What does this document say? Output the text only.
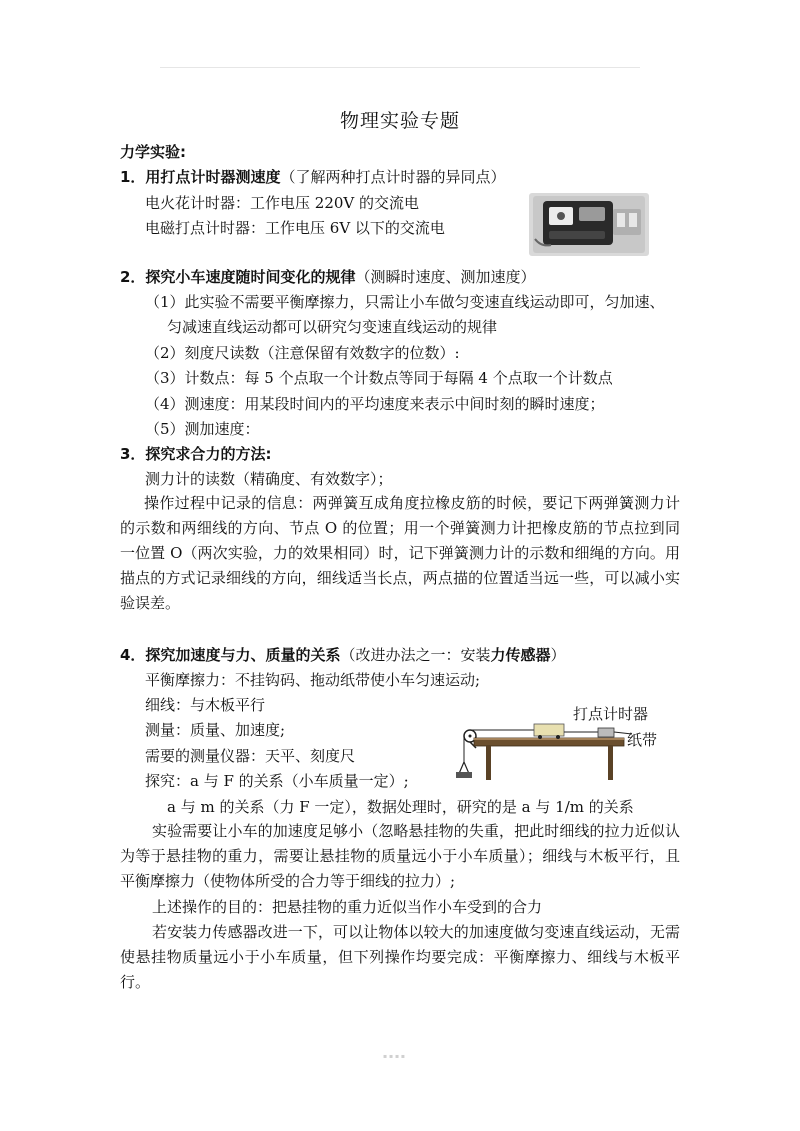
物理实验专题
力学实验:
1．用打点计时器测速度（了解两种打点计时器的异同点）
电火花计时器：工作电压 220V 的交流电
电磁打点计时器：工作电压 6V 以下的交流电
2．探究小车速度随时间变化的规律（测瞬时速度、测加速度）
（1）此实验不需要平衡摩擦力，只需让小车做匀变速直线运动即可，匀加速、
匀减速直线运动都可以研究匀变速直线运动的规律
（2）刻度尺读数（注意保留有效数字的位数）:
（3）计数点：每 5 个点取一个计数点等同于每隔 4 个点取一个计数点
（4）测速度：用某段时间内的平均速度来表示中间时刻的瞬时速度；
（5）测加速度：
3．探究求合力的方法:
测力计的读数（精确度、有效数字）；
操作过程中记录的信息：两弹簧互成角度拉橡皮筋的时候，要记下两弹簧测力计的示数和两细线的方向、节点 O 的位置；用一个弹簧测力计把橡皮筋的节点拉到同一位置 O（两次实验，力的效果相同）时，记下弹簧测力计的示数和细绳的方向。用描点的方式记录细线的方向，细线适当长点，两点描的位置适当远一些，可以减小实验误差。
4．探究加速度与力、质量的关系（改进办法之一：安装力传感器）
平衡摩擦力：不挂钩码、拖动纸带使小车匀速运动;
细线：与木板平行
测量：质量、加速度;
需要的测量仪器：天平、刻度尺
探究：a 与 F 的关系（小车质量一定）;
a 与 m 的关系（力 F 一定），数据处理时，研究的是 a 与 1/m 的关系
打点计时器
纸带
实验需要让小车的加速度足够小（忽略悬挂物的失重，把此时细线的拉力近似认为等于悬挂物的重力，需要让悬挂物的质量远小于小车质量）；细线与木板平行，且平衡摩擦力（使物体所受的合力等于细线的拉力）;
上述操作的目的：把悬挂物的重力近似当作小车受到的合力
若安装力传感器改进一下，可以让物体以较大的加速度做匀变速直线运动，无需使悬挂物质量远小于小车质量，但下列操作均要完成：平衡摩擦力、细线与木板平行。
▪ ▪ ▪ ▪
